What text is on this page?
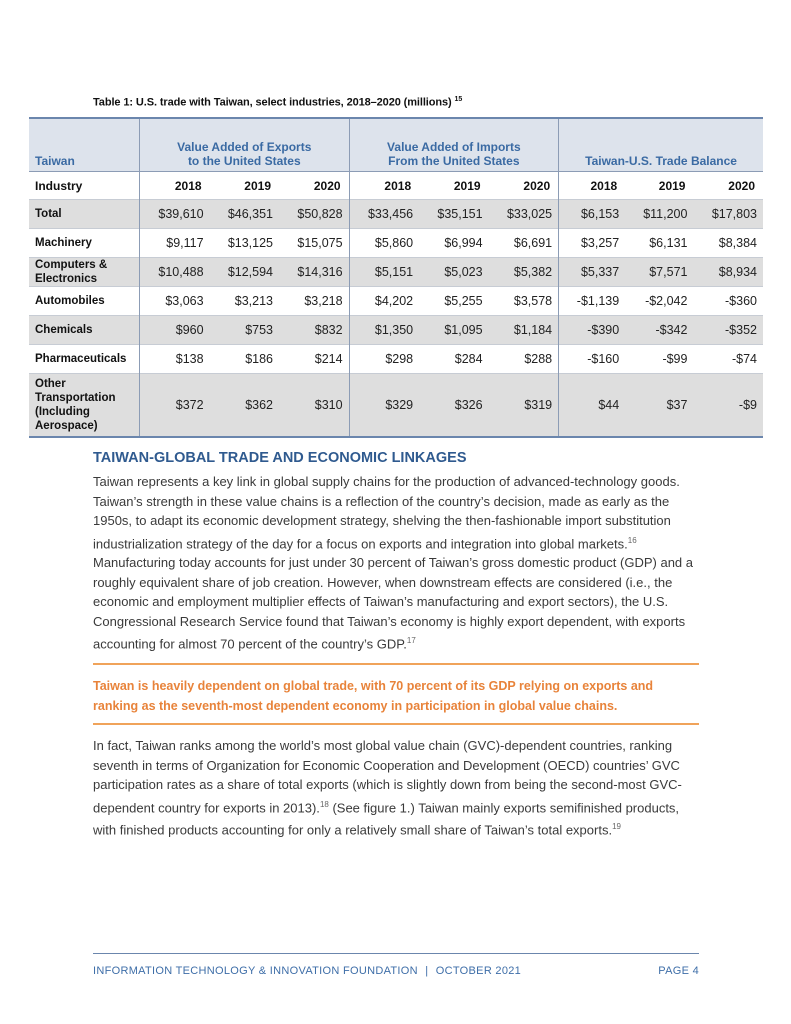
Table 1: U.S. trade with Taiwan, select industries, 2018–2020 (millions) $^{15}$
Taiwan	Value Added of Exports
to the United States			Value Added of Imports
From the United States			Taiwan-U.S. Trade Balance		
Industry	2018	2019	2020	2018	2019	2020	2018	2019	2020
Total	$39,610	$46,351	$50,828	$33,456	$35,151	$33,025	$6,153	$11,200	$17,803
Machinery	$9,117	$13,125	$15,075	$5,860	$6,994	$6,691	$3,257	$6,131	$8,384
Computers & Electronics	$10,488	$12,594	$14,316	$5,151	$5,023	$5,382	$5,337	$7,571	$8,934
Automobiles	$3,063	$3,213	$3,218	$4,202	$5,255	$3,578	-$1,139	-$2,042	-$360
Chemicals	$960	$753	$832	$1,350	$1,095	$1,184	-$390	-$342	-$352
Pharmaceuticals	$138	$186	$214	$298	$284	$288	-$160	-$99	-$74
Other Transportation (Including Aerospace)	$372	$362	$310	$329	$326	$319	$44	$37	-$9
TAIWAN-GLOBAL TRADE AND ECONOMIC LINKAGES

Taiwan represents a key link in global supply chains for the production of advanced-technology goods. Taiwan’s strength in these value chains is a reflection of the country’s decision, made as early as the 1950s, to adapt its economic development strategy, shelving the then-fashionable import substitution industrialization strategy of the day for a focus on exports and integration into global markets.$^{16}$ Manufacturing today accounts for just under 30 percent of Taiwan’s gross domestic product (GDP) and a roughly equivalent share of job creation. However, when downstream effects are considered (i.e., the economic and employment multiplier effects of Taiwan’s manufacturing and export sectors), the U.S. Congressional Research Service found that Taiwan’s economy is highly export dependent, with exports accounting for almost 70 percent of the country’s GDP.$^{17}$

Taiwan is heavily dependent on global trade, with 70 percent of its GDP relying on exports and ranking as the seventh-most dependent economy in participation in global value chains.

In fact, Taiwan ranks among the world’s most global value chain (GVC)-dependent countries, ranking seventh in terms of Organization for Economic Cooperation and Development (OECD) countries’ GVC participation rates as a share of total exports (which is slightly down from being the second-most GVC-dependent country for exports in 2013).$^{18}$ (See figure 1.) Taiwan mainly exports semifinished products, with finished products accounting for only a relatively small share of Taiwan’s total exports.$^{19}$

INFORMATION TECHNOLOGY & INNOVATION FOUNDATION | OCTOBER 2021	PAGE 4
